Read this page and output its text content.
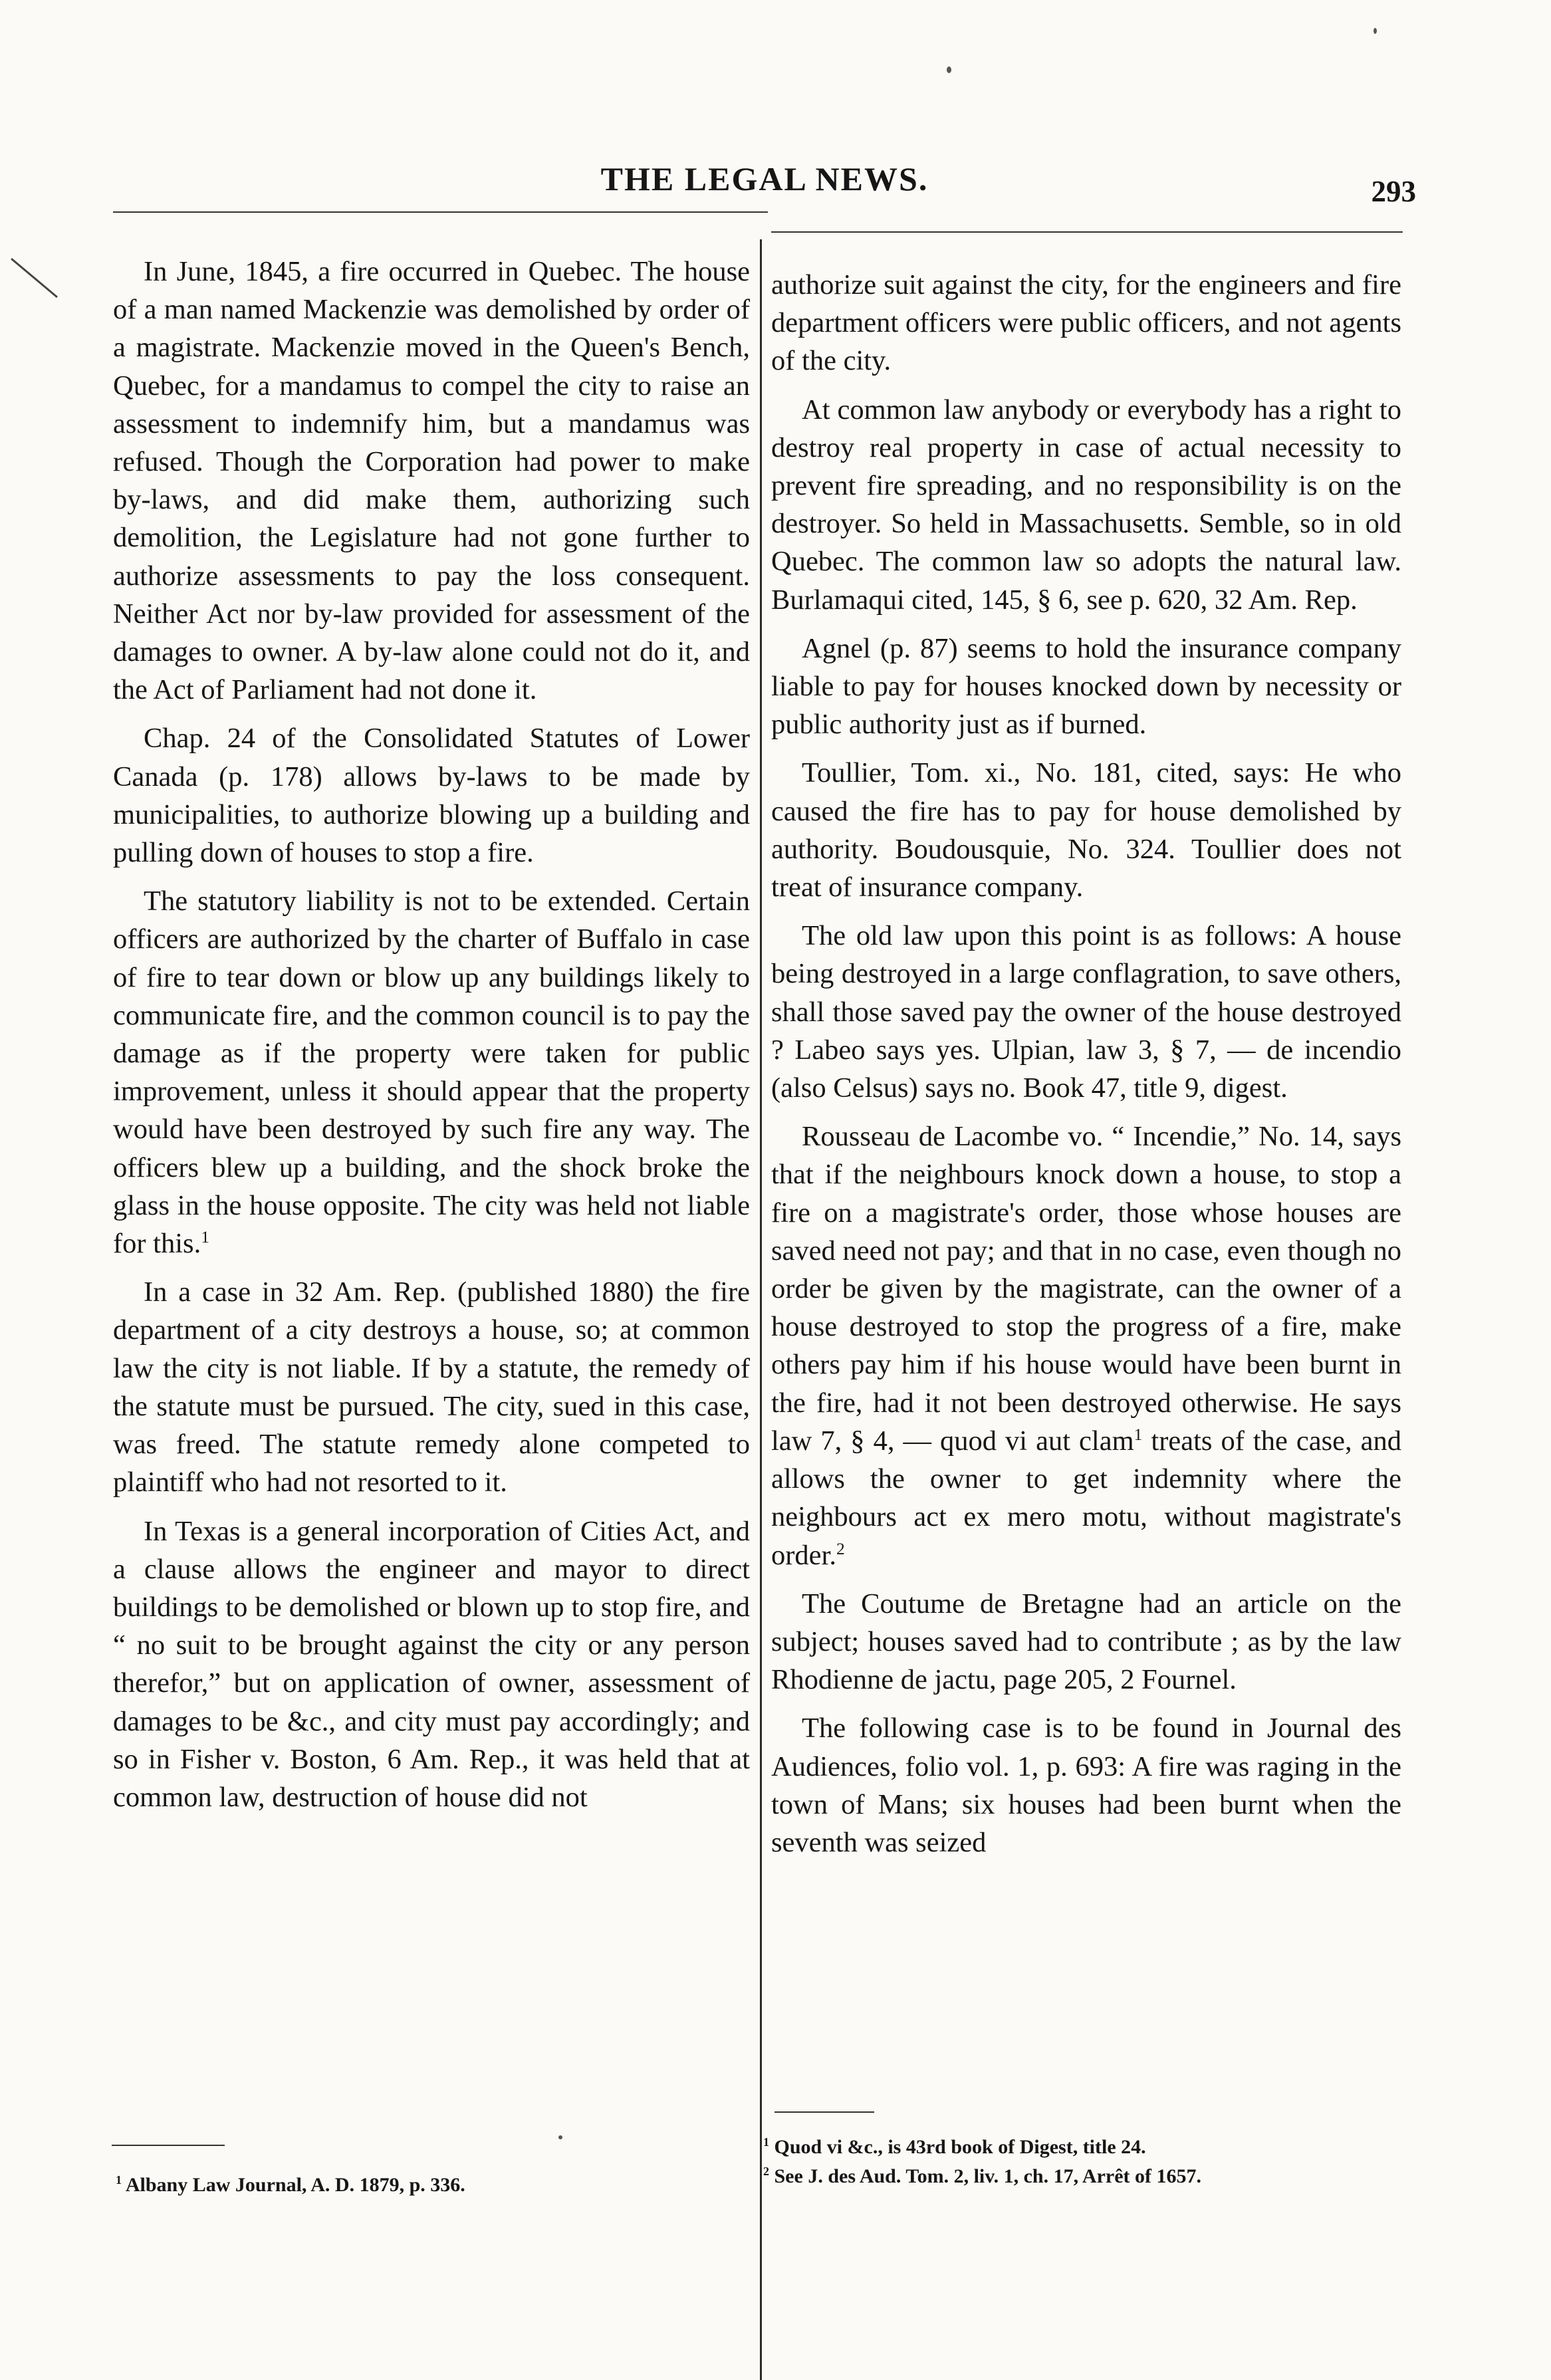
THE LEGAL NEWS.	293

In June, 1845, a fire occurred in Quebec. The house of a man named Mackenzie was demolished by order of a magistrate. Mackenzie moved in the Queen's Bench, Quebec, for a mandamus to compel the city to raise an assessment to indemnify him, but a mandamus was refused. Though the Corporation had power to make by-laws, and did make them, authorizing such demolition, the Legislature had not gone further to authorize assessments to pay the loss consequent. Neither Act nor by-law provided for assessment of the damages to owner. A by-law alone could not do it, and the Act of Parliament had not done it.

Chap. 24 of the Consolidated Statutes of Lower Canada (p. 178) allows by-laws to be made by municipalities, to authorize blowing up a building and pulling down of houses to stop a fire.

The statutory liability is not to be extended. Certain officers are authorized by the charter of Buffalo in case of fire to tear down or blow up any buildings likely to communicate fire, and the common council is to pay the damage as if the property were taken for public improvement, unless it should appear that the property would have been destroyed by such fire any way. The officers blew up a building, and the shock broke the glass in the house opposite. The city was held not liable for this.$^1$

In a case in 32 Am. Rep. (published 1880) the fire department of a city destroys a house, so; at common law the city is not liable. If by a statute, the remedy of the statute must be pursued. The city, sued in this case, was freed. The statute remedy alone competed to plaintiff who had not resorted to it.

In Texas is a general incorporation of Cities Act, and a clause allows the engineer and mayor to direct buildings to be demolished or blown up to stop fire, and “ no suit to be brought against the city or any person therefor,” but on application of owner, assessment of damages to be &c., and city must pay accordingly; and so in Fisher v. Boston, 6 Am. Rep., it was held that at common law, destruction of house did not

authorize suit against the city, for the engineers and fire department officers were public officers, and not agents of the city.

At common law anybody or everybody has a right to destroy real property in case of actual necessity to prevent fire spreading, and no responsibility is on the destroyer. So held in Massachusetts. Semble, so in old Quebec. The common law so adopts the natural law. Burlamaqui cited, 145, § 6, see p. 620, 32 Am. Rep.

Agnel (p. 87) seems to hold the insurance company liable to pay for houses knocked down by necessity or public authority just as if burned.

Toullier, Tom. xi., No. 181, cited, says: He who caused the fire has to pay for house demolished by authority. Boudousquie, No. 324. Toullier does not treat of insurance company.

The old law upon this point is as follows: A house being destroyed in a large conflagration, to save others, shall those saved pay the owner of the house destroyed ? Labeo says yes. Ulpian, law 3, § 7, — de incendio (also Celsus) says no. Book 47, title 9, digest.

Rousseau de Lacombe vo. “ Incendie,” No. 14, says that if the neighbours knock down a house, to stop a fire on a magistrate's order, those whose houses are saved need not pay; and that in no case, even though no order be given by the magistrate, can the owner of a house destroyed to stop the progress of a fire, make others pay him if his house would have been burnt in the fire, had it not been destroyed otherwise. He says law 7, § 4, — quod vi aut clam$^1$ treats of the case, and allows the owner to get indemnity where the neighbours act ex mero motu, without magistrate's order.$^2$

The Coutume de Bretagne had an article on the subject; houses saved had to contribute ; as by the law Rhodienne de jactu, page 205, 2 Fournel.

The following case is to be found in Journal des Audiences, folio vol. 1, p. 693: A fire was raging in the town of Mans; six houses had been burnt when the seventh was seized

$^1$ Albany Law Journal, A. D. 1879, p. 336.
$^1$ Quod vi &c., is 43rd book of Digest, title 24.
$^2$ See J. des Aud. Tom. 2, liv. 1, ch. 17, Arrêt of 1657.
